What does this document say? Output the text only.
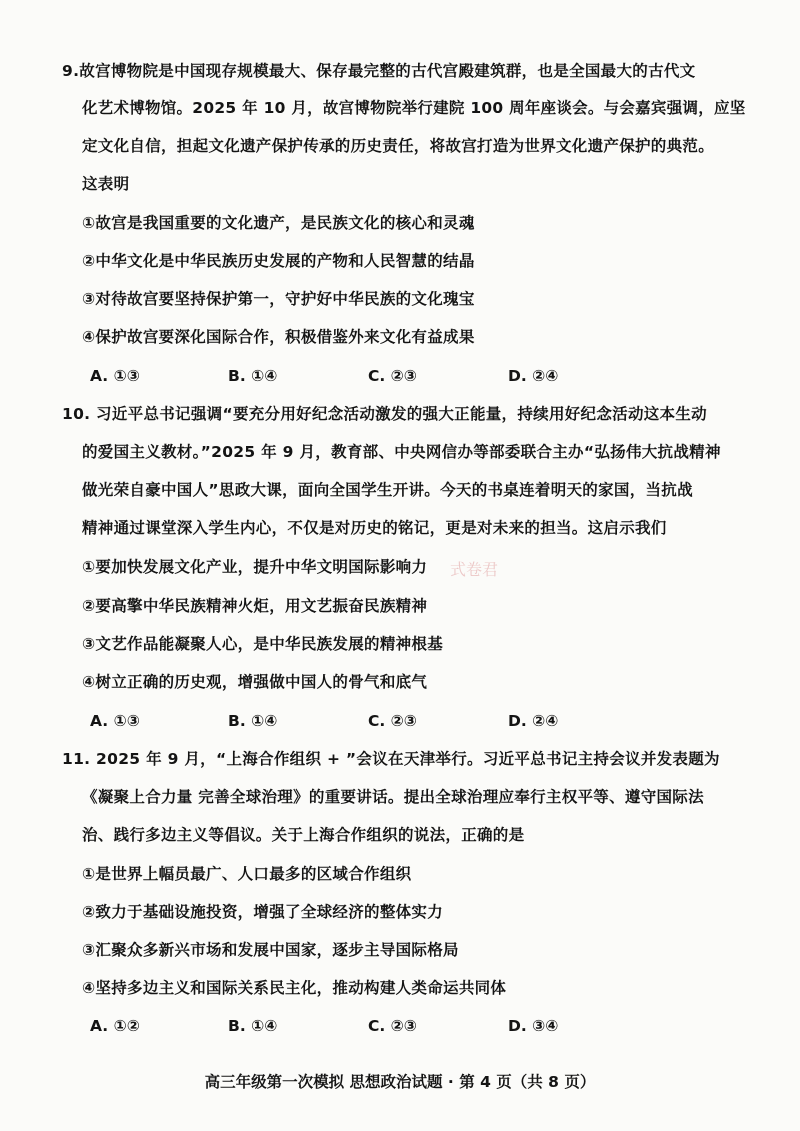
9.故宫博物院是中国现存规模最大、保存最完整的古代宫殿建筑群，也是全国最大的古代文
化艺术博物馆。2025 年 10 月，故宫博物院举行建院 100 周年座谈会。与会嘉宾强调，应坚
定文化自信，担起文化遗产保护传承的历史责任，将故宫打造为世界文化遗产保护的典范。
这表明
①故宫是我国重要的文化遗产，是民族文化的核心和灵魂
②中华文化是中华民族历史发展的产物和人民智慧的结晶
③对待故宫要坚持保护第一，守护好中华民族的文化瑰宝
④保护故宫要深化国际合作，积极借鉴外来文化有益成果
A. ①③	B. ①④	C. ②③	D. ②④
10. 习近平总书记强调“要充分用好纪念活动激发的强大正能量，持续用好纪念活动这本生动
的爱国主义教材。”2025 年 9 月，教育部、中央网信办等部委联合主办“弘扬伟大抗战精神
做光荣自豪中国人”思政大课，面向全国学生开讲。今天的书桌连着明天的家国，当抗战
精神通过课堂深入学生内心，不仅是对历史的铭记，更是对未来的担当。这启示我们
①要加快发展文化产业，提升中华文明国际影响力
②要高擎中华民族精神火炬，用文艺振奋民族精神
③文艺作品能凝聚人心，是中华民族发展的精神根基
④树立正确的历史观，增强做中国人的骨气和底气
A. ①③	B. ①④	C. ②③	D. ②④
式卷君
11. 2025 年 9 月，“上海合作组织 + ”会议在天津举行。习近平总书记主持会议并发表题为
《凝聚上合力量 完善全球治理》的重要讲话。提出全球治理应奉行主权平等、遵守国际法
治、践行多边主义等倡议。关于上海合作组织的说法，正确的是
①是世界上幅员最广、人口最多的区域合作组织
②致力于基础设施投资，增强了全球经济的整体实力
③汇聚众多新兴市场和发展中国家，逐步主导国际格局
④坚持多边主义和国际关系民主化，推动构建人类命运共同体
A. ①②	B. ①④	C. ②③	D. ③④
高三年级第一次模拟 思想政治试题 · 第 4 页（共 8 页）
